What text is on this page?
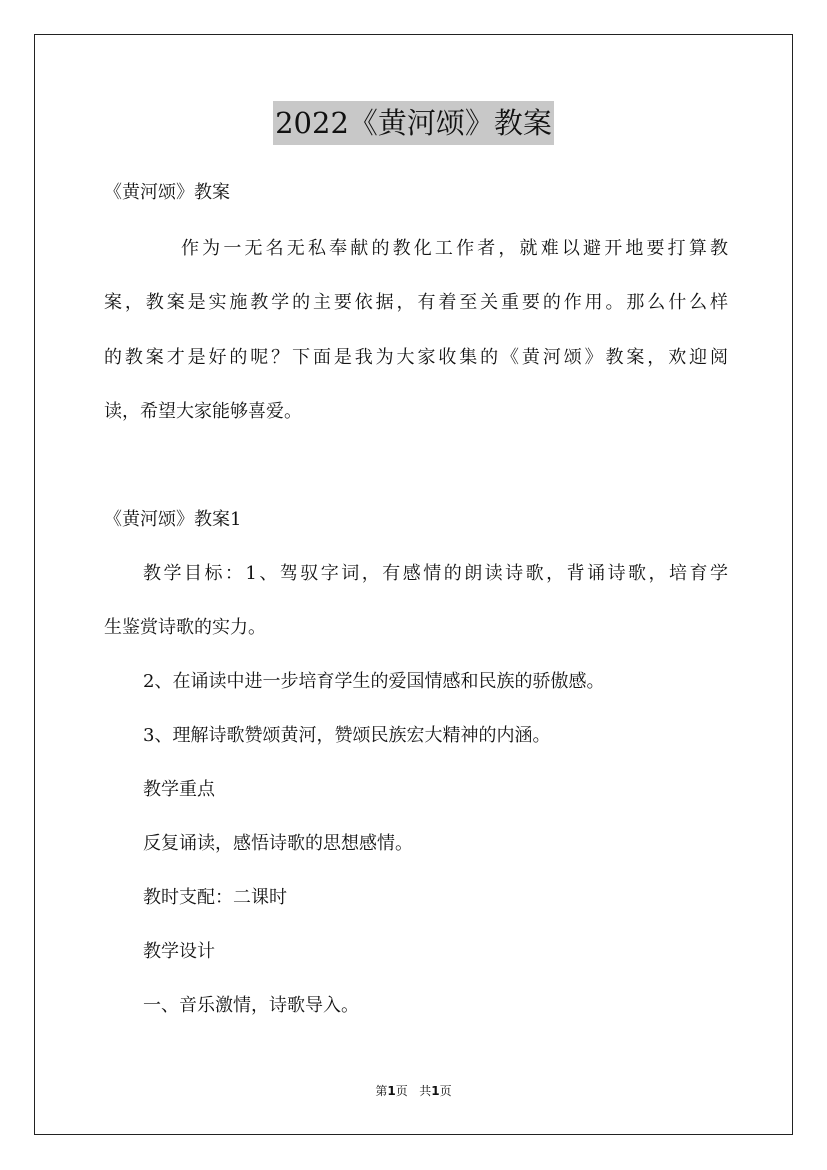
2022《黄河颂》教案
《黄河颂》教案
作为一无名无私奉献的教化工作者，就难以避开地要打算教
案，教案是实施教学的主要依据，有着至关重要的作用。那么什么样
的教案才是好的呢？下面是我为大家收集的《黄河颂》教案，欢迎阅
读，希望大家能够喜爱。
《黄河颂》教案1
教学目标：1、驾驭字词，有感情的朗读诗歌，背诵诗歌，培育学
生鉴赏诗歌的实力。
2、在诵读中进一步培育学生的爱国情感和民族的骄傲感。
3、理解诗歌赞颂黄河，赞颂民族宏大精神的内涵。
教学重点
反复诵读，感悟诗歌的思想感情。
教时支配：二课时
教学设计
一、音乐激情，诗歌导入。
第1页 共1页
